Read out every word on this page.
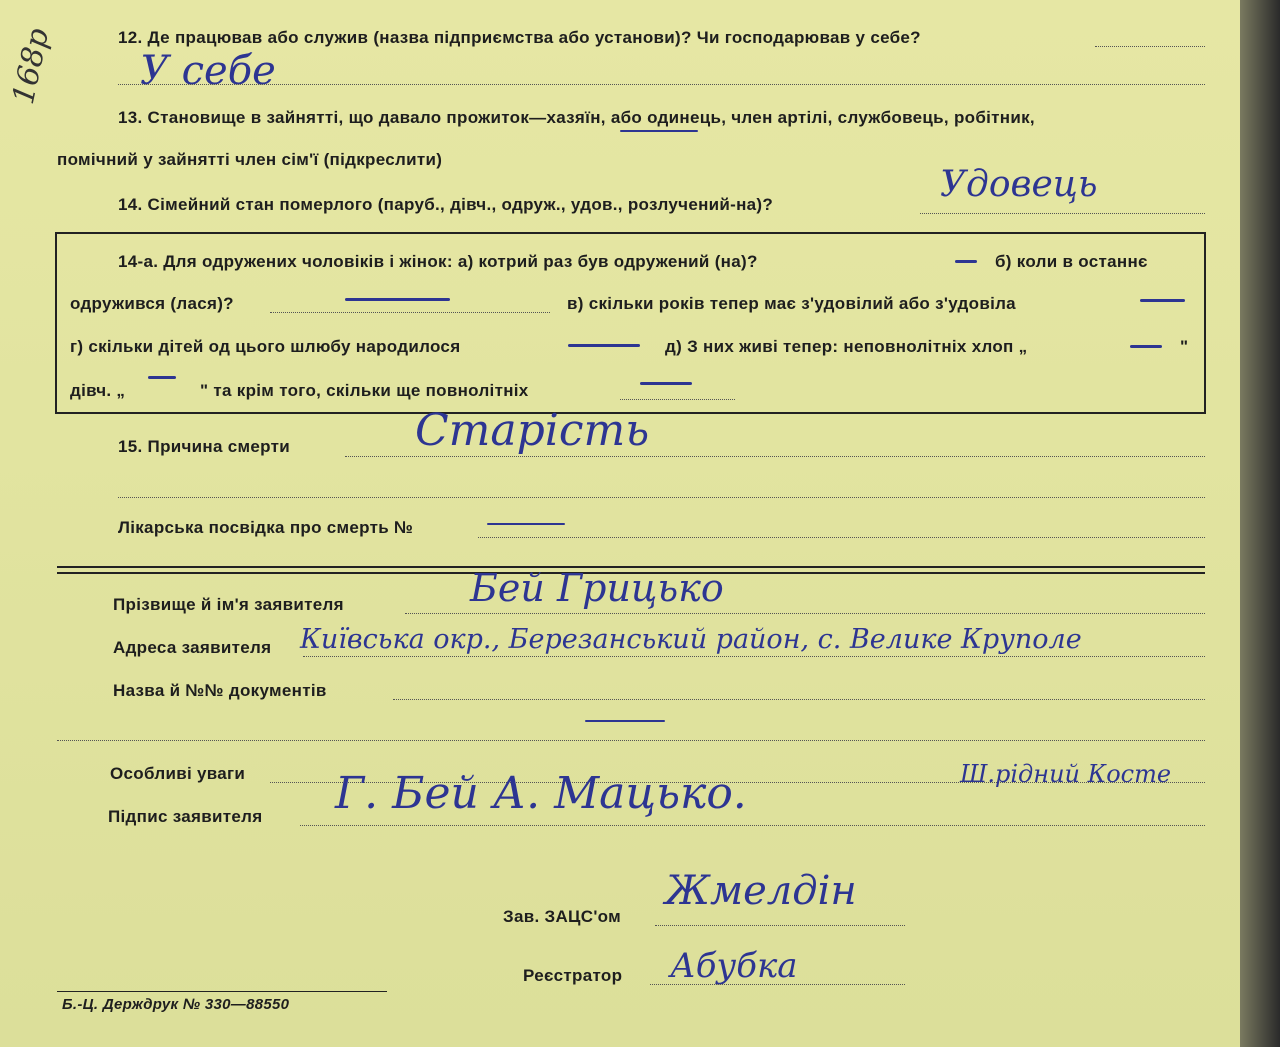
168р	12. Де працював або служив (назва підприємства або установи)? Чи господарював у себе?
У себе
13. Становище в зайнятті, що давало прожиток—хазяїн, або одинець, член артілі, службовець, робітник,
помічний у зайнятті член сім'ї (підкреслити)
14. Сімейний стан померлого (паруб., дівч., одруж., удов., розлучений-на)?	Удовець
14-а. Для одружених чоловіків і жінок: а) котрий раз був одружений (на)?	б) коли в останнє
одружився (лася)?	в) скільки років тепер має з'удовілий або з'удовіла
г) скільки дітей од цього шлюбу народилося	д) З них живі тепер: неповнолітніх хлоп „	"
дівч. „	" та крім того, скільки ще повнолітніх
15. Причина смерти	Старість
Лікарська посвідка про смерть №
Прізвище й ім'я заявителя	Бей Грицько
Адреса заявителя Київська окр., Березанський район, с. Велике Круполе
Назва й №№ документів
Особливі уваги	Ш.рідний Косте
Підпис заявителя Г. Бей А. Мацько.
Зав. ЗАЦС'ом
Жмелдін
Реєстратор Абубка
Б.-Ц. Держдрук № 330—88550
